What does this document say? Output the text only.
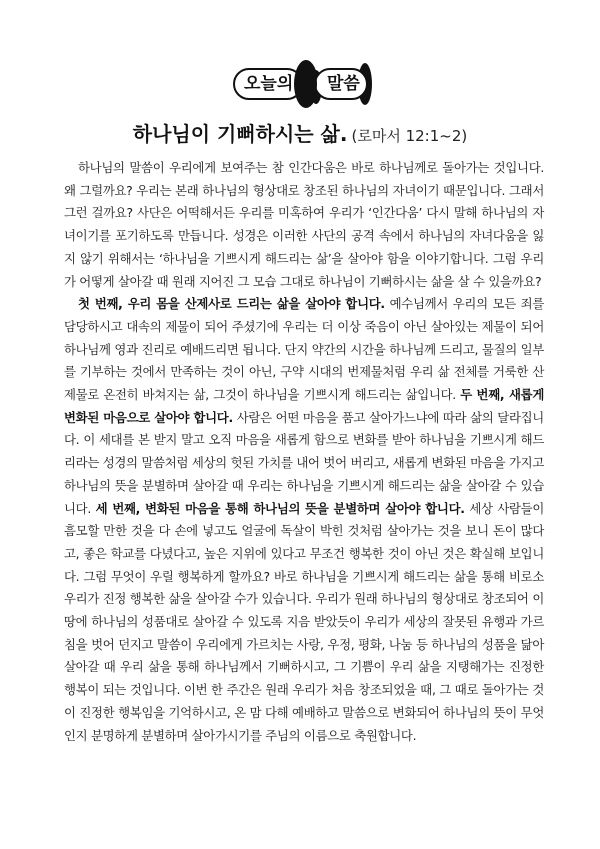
오늘의 말씀
하나님이 기뻐하시는 삶. (로마서 12:1~2)

하나님의 말씀이 우리에게 보여주는 참 인간다움은 바로 하나님께로 돌아가는 것입니다. 왜 그럴까요? 우리는 본래 하나님의 형상대로 창조된 하나님의 자녀이기 때문입니다. 그래서 그런 걸까요? 사단은 어떡해서든 우리를 미혹하여 우리가 ‘인간다움’ 다시 말해 하나님의 자녀이기를 포기하도록 만듭니다. 성경은 이러한 사단의 공격 속에서 하나님의 자녀다움을 잃지 않기 위해서는 ‘하나님을 기쁘시게 해드리는 삶’을 살아야 함을 이야기합니다. 그럼 우리가 어떻게 살아갈 때 원래 지어진 그 모습 그대로 하나님이 기뻐하시는 삶을 살 수 있을까요?

첫 번째, 우리 몸을 산제사로 드리는 삶을 살아야 합니다. 예수님께서 우리의 모든 죄를 담당하시고 대속의 제물이 되어 주셨기에 우리는 더 이상 죽음이 아닌 살아있는 제물이 되어 하나님께 영과 진리로 예배드리면 됩니다. 단지 약간의 시간을 하나님께 드리고, 물질의 일부를 기부하는 것에서 만족하는 것이 아닌, 구약 시대의 번제물처럼 우리 삶 전체를 거룩한 산 제물로 온전히 바쳐지는 삶, 그것이 하나님을 기쁘시게 해드리는 삶입니다. 두 번째, 새롭게 변화된 마음으로 살아야 합니다. 사람은 어떤 마음을 품고 살아가느냐에 따라 삶의 달라집니다. 이 세대를 본 받지 말고 오직 마음을 새롭게 함으로 변화를 받아 하나님을 기쁘시게 해드리라는 성경의 말씀처럼 세상의 헛된 가치를 내어 벗어 버리고, 새롭게 변화된 마음을 가지고 하나님의 뜻을 분별하며 살아갈 때 우리는 하나님을 기쁘시게 해드리는 삶을 살아갈 수 있습니다. 세 번째, 변화된 마음을 통해 하나님의 뜻을 분별하며 살아야 합니다. 세상 사람들이 흠모할 만한 것을 다 손에 넣고도 얼굴에 독살이 박힌 것처럼 살아가는 것을 보니 돈이 많다고, 좋은 학교를 다녔다고, 높은 지위에 있다고 무조건 행복한 것이 아닌 것은 확실해 보입니다. 그럼 무엇이 우릴 행복하게 할까요? 바로 하나님을 기쁘시게 해드리는 삶을 통해 비로소 우리가 진정 행복한 삶을 살아갈 수가 있습니다. 우리가 원래 하나님의 형상대로 창조되어 이 땅에 하나님의 성품대로 살아갈 수 있도록 지음 받았듯이 우리가 세상의 잘못된 유행과 가르침을 벗어 던지고 말씀이 우리에게 가르치는 사랑, 우정, 평화, 나눔 등 하나님의 성품을 닮아 살아갈 때 우리 삶을 통해 하나님께서 기뻐하시고, 그 기쁨이 우리 삶을 지탱해가는 진정한 행복이 되는 것입니다. 이번 한 주간은 원래 우리가 처음 창조되었을 때, 그 때로 돌아가는 것이 진정한 행복임을 기억하시고, 온 맘 다해 예배하고 말씀으로 변화되어 하나님의 뜻이 무엇인지 분명하게 분별하며 살아가시기를 주님의 이름으로 축원합니다.
